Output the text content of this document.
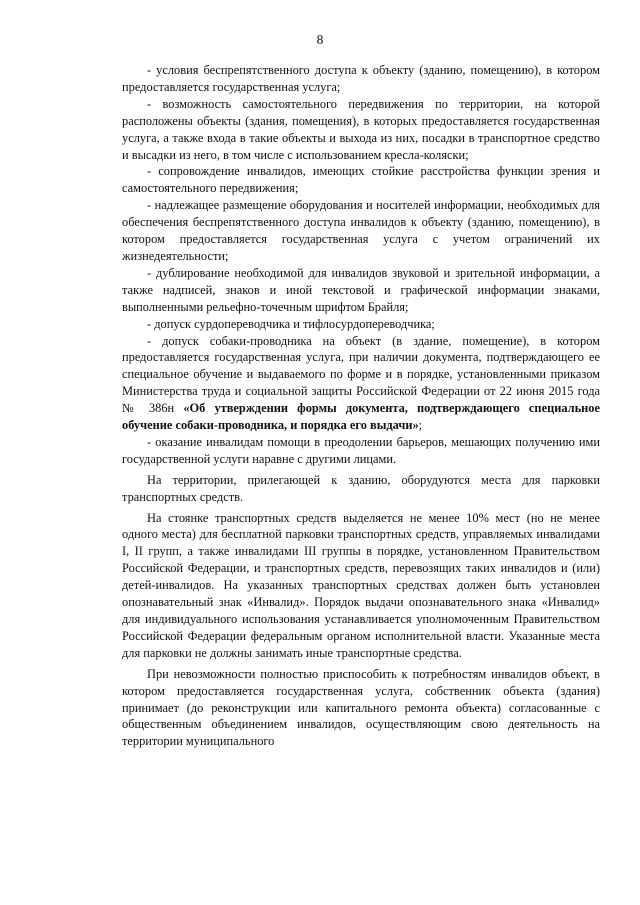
8

- условия беспрепятственного доступа к объекту (зданию, помещению), в котором предоставляется государственная услуга;

- возможность самостоятельного передвижения по территории, на которой расположены объекты (здания, помещения), в которых предоставляется государственная услуга, а также входа в такие объекты и выхода из них, посадки в транспортное средство и высадки из него, в том числе с использованием кресла-коляски;

- сопровождение инвалидов, имеющих стойкие расстройства функции зрения и самостоятельного передвижения;

- надлежащее размещение оборудования и носителей информации, необходимых для обеспечения беспрепятственного доступа инвалидов к объекту (зданию, помещению), в котором предоставляется государственная услуга с учетом ограничений их жизнедеятельности;

- дублирование необходимой для инвалидов звуковой и зрительной информации, а также надписей, знаков и иной текстовой и графической информации знаками, выполненными рельефно-точечным шрифтом Брайля;

- допуск сурдопереводчика и тифлосурдопереводчика;

- допуск собаки-проводника на объект (в здание, помещение), в котором предоставляется государственная услуга, при наличии документа, подтверждающего ее специальное обучение и выдаваемого по форме и в порядке, установленными приказом Министерства труда и социальной защиты Российской Федерации от 22 июня 2015 года № 386н «Об утверждении формы документа, подтверждающего специальное обучение собаки-проводника, и порядка его выдачи»;

- оказание инвалидам помощи в преодолении барьеров, мешающих получению ими государственной услуги наравне с другими лицами.

На территории, прилегающей к зданию, оборудуются места для парковки транспортных средств.

На стоянке транспортных средств выделяется не менее 10% мест (но не менее одного места) для бесплатной парковки транспортных средств, управляемых инвалидами I, II групп, а также инвалидами III группы в порядке, установленном Правительством Российской Федерации, и транспортных средств, перевозящих таких инвалидов и (или) детей-инвалидов. На указанных транспортных средствах должен быть установлен опознавательный знак «Инвалид». Порядок выдачи опознавательного знака «Инвалид» для индивидуального использования устанавливается уполномоченным Правительством Российской Федерации федеральным органом исполнительной власти. Указанные места для парковки не должны занимать иные транспортные средства.

При невозможности полностью приспособить к потребностям инвалидов объект, в котором предоставляется государственная услуга, собственник объекта (здания) принимает (до реконструкции или капитального ремонта объекта) согласованные с общественным объединением инвалидов, осуществляющим свою деятельность на территории муниципального
